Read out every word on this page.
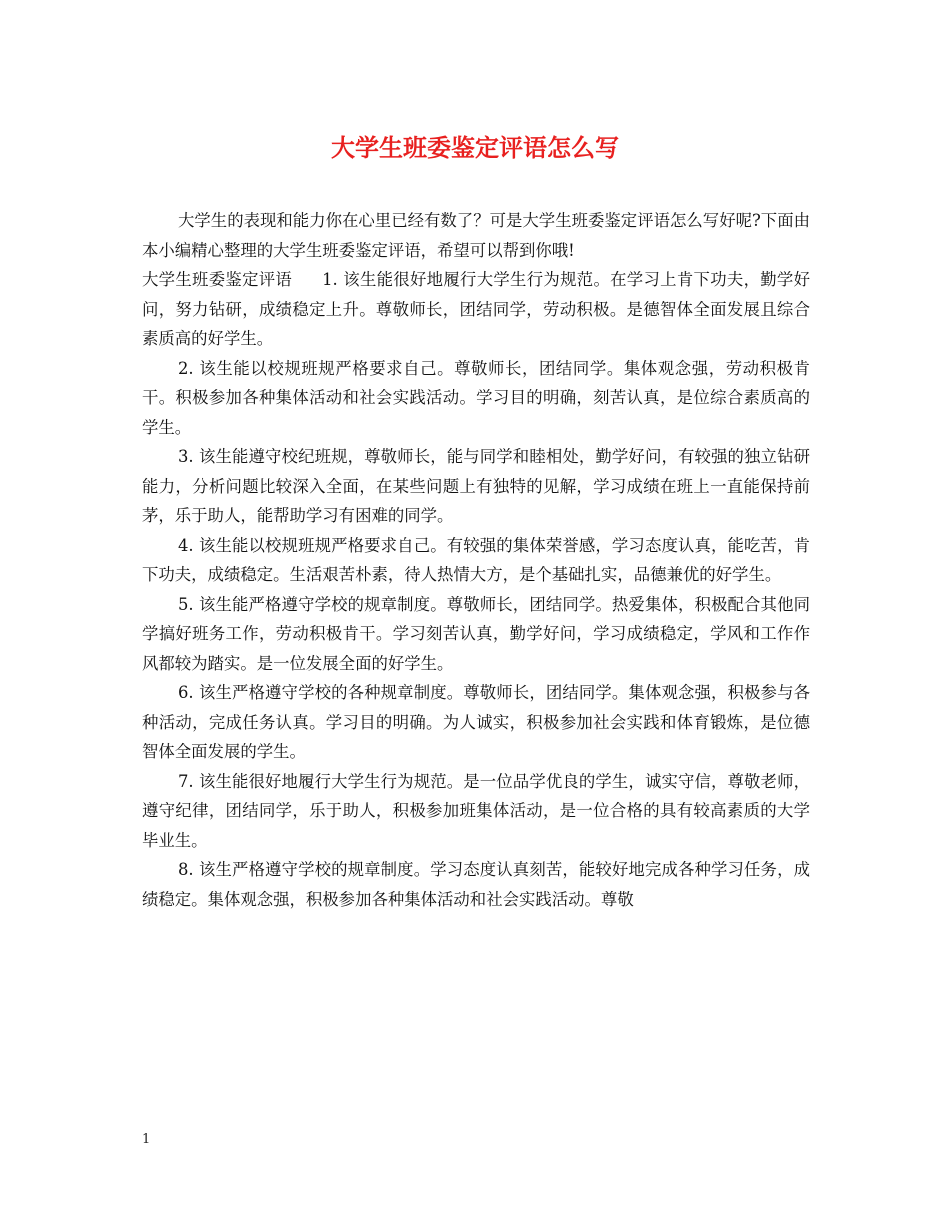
大学生班委鉴定评语怎么写

大学生的表现和能力你在心里已经有数了？可是大学生班委鉴定评语怎么写好呢?下面由本小编精心整理的大学生班委鉴定评语，希望可以帮到你哦!

大学生班委鉴定评语 1. 该生能很好地履行大学生行为规范。在学习上肯下功夫，勤学好问，努力钻研，成绩稳定上升。尊敬师长，团结同学，劳动积极。是德智体全面发展且综合素质高的好学生。

2. 该生能以校规班规严格要求自己。尊敬师长，团结同学。集体观念强，劳动积极肯干。积极参加各种集体活动和社会实践活动。学习目的明确，刻苦认真，是位综合素质高的学生。

3. 该生能遵守校纪班规，尊敬师长，能与同学和睦相处，勤学好问，有较强的独立钻研能力，分析问题比较深入全面，在某些问题上有独特的见解，学习成绩在班上一直能保持前茅，乐于助人，能帮助学习有困难的同学。

4. 该生能以校规班规严格要求自己。有较强的集体荣誉感，学习态度认真，能吃苦，肯下功夫，成绩稳定。生活艰苦朴素，待人热情大方，是个基础扎实，品德兼优的好学生。

5. 该生能严格遵守学校的规章制度。尊敬师长，团结同学。热爱集体，积极配合其他同学搞好班务工作，劳动积极肯干。学习刻苦认真，勤学好问，学习成绩稳定，学风和工作作风都较为踏实。是一位发展全面的好学生。

6. 该生严格遵守学校的各种规章制度。尊敬师长，团结同学。集体观念强，积极参与各种活动，完成任务认真。学习目的明确。为人诚实，积极参加社会实践和体育锻炼，是位德智体全面发展的学生。

7. 该生能很好地履行大学生行为规范。是一位品学优良的学生，诚实守信，尊敬老师，遵守纪律，团结同学，乐于助人，积极参加班集体活动，是一位合格的具有较高素质的大学毕业生。

8. 该生严格遵守学校的规章制度。学习态度认真刻苦，能较好地完成各种学习任务，成绩稳定。集体观念强，积极参加各种集体活动和社会实践活动。尊敬

1
